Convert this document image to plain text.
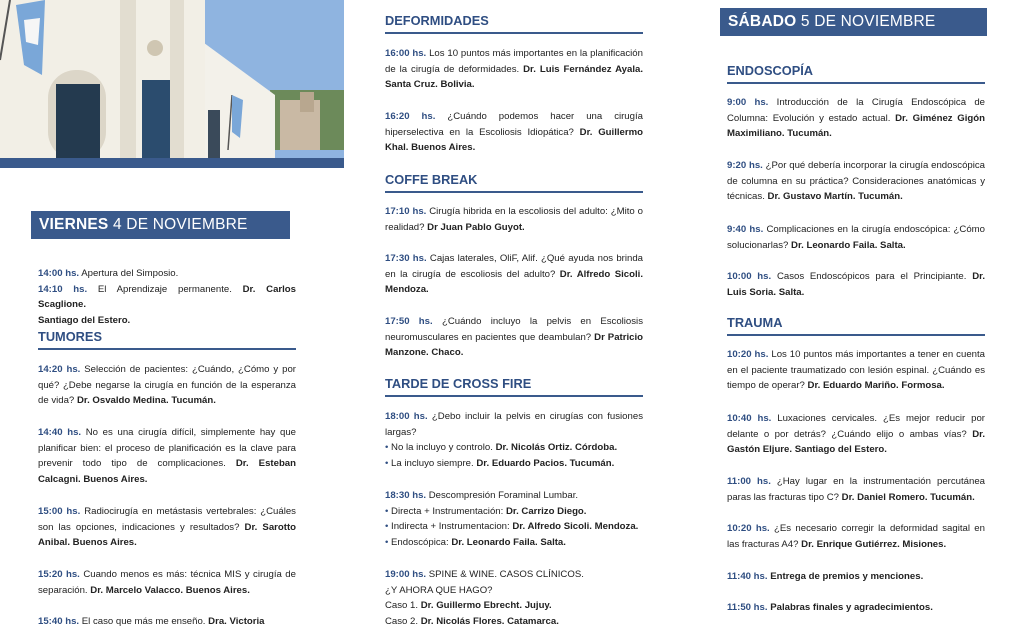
VIERNES 4 DE NOVIEMBRE
14:00 hs. Apertura del Simposio.
14:10 hs. El Aprendizaje permanente. Dr. Carlos Scaglione.
Santiago del Estero.
TUMORES
14:20 hs. Selección de pacientes: ¿Cuándo, ¿Cómo y por qué? ¿Debe negarse la cirugía en función de la esperanza de vida? Dr. Osvaldo Medina. Tucumán.
14:40 hs. No es una cirugía difícil, simplemente hay que planificar bien: el proceso de planificación es la clave para prevenir todo tipo de complicaciones. Dr. Esteban Calcagni. Buenos Aires.
15:00 hs. Radiocirugía en metástasis vertebrales: ¿Cuáles son las opciones, indicaciones y resultados? Dr. Sarotto Anibal. Buenos Aires.
15:20 hs. Cuando menos es más: técnica MIS y cirugía de separación. Dr. Marcelo Valacco. Buenos Aires.
15:40 hs. El caso que más me enseño. Dra. Victoria
DEFORMIDADES
16:00 hs. Los 10 puntos más importantes en la planificación de la cirugía de deformidades. Dr. Luis Fernández Ayala. Santa Cruz. Bolivia.
16:20 hs. ¿Cuándo podemos hacer una cirugía hiperselectiva en la Escoliosis Idiopática? Dr. Guillermo Khal. Buenos Aires.
COFFE BREAK
17:10 hs. Cirugía hibrida en la escoliosis del adulto: ¿Mito o realidad? Dr Juan Pablo Guyot.
17:30 hs. Cajas laterales, OliF, Alif. ¿Qué ayuda nos brinda en la cirugía de escoliosis del adulto? Dr. Alfredo Sicoli. Mendoza.
17:50 hs. ¿Cuándo incluyo la pelvis en Escoliosis neuromusculares en pacientes que deambulan? Dr Patricio Manzone. Chaco.
TARDE DE CROSS FIRE
18:00 hs. ¿Debo incluir la pelvis en cirugías con fusiones largas?
• No la incluyo y controlo. Dr. Nicolás Ortiz. Córdoba.
• La incluyo siempre. Dr. Eduardo Pacios. Tucumán.
18:30 hs. Descompresión Foraminal Lumbar.
• Directa + Instrumentación: Dr. Carrizo Diego.
• Indirecta + Instrumentacion: Dr. Alfredo Sicoli. Mendoza.
• Endoscópica: Dr. Leonardo Faila. Salta.
19:00 hs. SPINE & WINE. CASOS CLÍNICOS.
¿Y AHORA QUE HAGO?
Caso 1. Dr. Guillermo Ebrecht. Jujuy.
Caso 2. Dr. Nicolás Flores. Catamarca.
SÁBADO 5 DE NOVIEMBRE
ENDOSCOPÍA
9:00 hs. Introducción de la Cirugía Endoscópica de Columna: Evolución y estado actual. Dr. Giménez Gigón Maximiliano. Tucumán.
9:20 hs. ¿Por qué debería incorporar la cirugía endoscópica de columna en su práctica? Consideraciones anatómicas y técnicas. Dr. Gustavo Martín. Tucumán.
9:40 hs. Complicaciones en la cirugía endoscópica: ¿Cómo solucionarlas? Dr. Leonardo Faila. Salta.
10:00 hs. Casos Endoscópicos para el Principiante. Dr. Luis Soria. Salta.
TRAUMA
10:20 hs. Los 10 puntos más importantes a tener en cuenta en el paciente traumatizado con lesión espinal. ¿Cuándo es tiempo de operar? Dr. Eduardo Mariño. Formosa.
10:40 hs. Luxaciones cervicales. ¿Es mejor reducir por delante o por detrás? ¿Cuándo elijo o ambas vías? Dr. Gastón Eljure. Santiago del Estero.
11:00 hs. ¿Hay lugar en la instrumentación percutánea paras las fracturas tipo C? Dr. Daniel Romero. Tucumán.
10:20 hs. ¿Es necesario corregir la deformidad sagital en las fracturas A4? Dr. Enrique Gutiérrez. Misiones.
11:40 hs. Entrega de premios y menciones.
11:50 hs. Palabras finales y agradecimientos.
